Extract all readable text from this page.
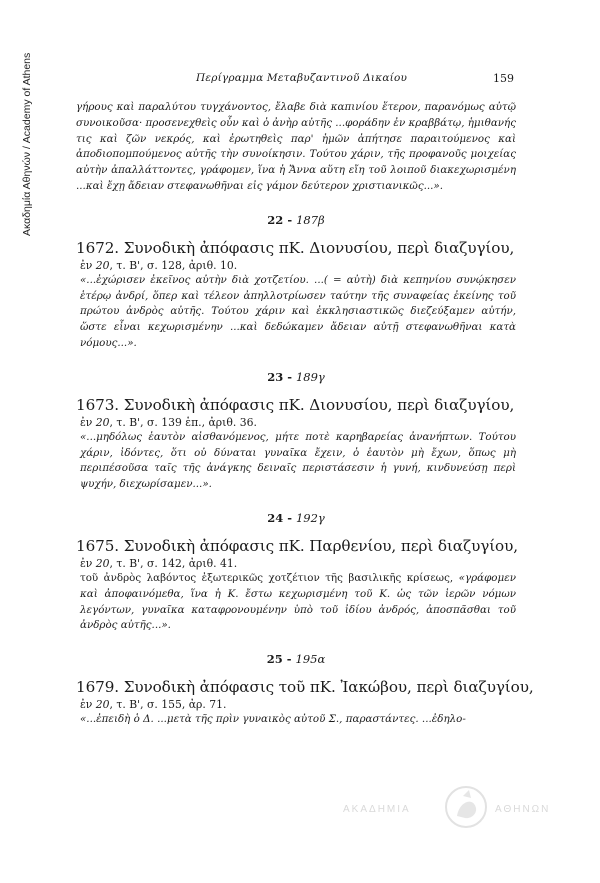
Ακαδημία Αθηνών / Academy of Athens	Περίγραμμα Μεταβυζαντινοῦ Δικαίου	159

γήρους καὶ παραλύτου τυγχάνοντος, ἔλαβε διὰ καπινίου ἕτερον, παρανόμως αὐτῷ συνοικοῦσα· προσενεχθεὶς οὖν καὶ ὁ ἀνὴρ αὐτῆς ...φοράδην ἐν κραββάτῳ, ἡμιθανής τις καὶ ζῶν νεκρός, καὶ ἐρωτηθεὶς παρ' ἡμῶν ἀπήτησε παραιτούμενος καὶ ἀποδιοπομπούμενος αὐτῆς τὴν συνοίκησιν. Τούτου χάριν, τῆς προφανοῦς μοιχείας αὐτὴν ἀπαλλάττοντες, γράφομεν, ἵνα ἡ Ἄννα αὕτη εἴη τοῦ λοιποῦ διακεχωρισμένη ...καὶ ἔχῃ ἄδειαν στεφανωθῆναι εἰς γάμον δεύτερον χριστιανικῶς...».

22 - 187β
1672. Συνοδικὴ ἀπόφασις πΚ. Διονυσίου, περὶ διαζυγίου,
ἐν 20, τ. Β', σ. 128, ἀριθ. 10.

«...ἐχώρισεν ἐκεῖνος αὐτὴν διὰ χοτζετίου. ...( = αὐτὴ) διὰ κεπηνίου συνῴκησεν ἑτέρῳ ἀνδρί, ὅπερ καὶ τέλεον ἀπηλλοτρίωσεν ταύτην τῆς συναφείας ἐκείνης τοῦ πρώτου ἀνδρὸς αὐτῆς. Τούτου χάριν καὶ ἐκκλησιαστικῶς διεζεύξαμεν αὐτήν, ὥστε εἶναι κεχωρισμένην ...καὶ δεδώκαμεν ἄδειαν αὐτῇ στεφανωθῆναι κατὰ νόμους...».

23 - 189γ
1673. Συνοδικὴ ἀπόφασις πΚ. Διονυσίου, περὶ διαζυγίου,
ἐν 20, τ. Β', σ. 139 ἑπ., ἀριθ. 36.

«...μηδόλως ἑαυτὸν αἰσθανόμενος, μήτε ποτὲ καρηβαρείας ἀνανήπτων. Τούτου χάριν, ἰδόντες, ὅτι οὐ δύναται γυναῖκα ἔχειν, ὁ ἑαυτὸν μὴ ἔχων, ὅπως μὴ περιπέσοῦσα ταῖς τῆς ἀνάγκης δειναῖς περιστάσεσιν ἡ γυνή, κινδυνεύσῃ περὶ ψυχήν, διεχωρίσαμεν...».

24 - 192γ
1675. Συνοδικὴ ἀπόφασις πΚ. Παρθενίου, περὶ διαζυγίου,
ἐν 20, τ. Β', σ. 142, ἀριθ. 41.

τοῦ ἀνδρὸς λαβόντος ἐξωτερικῶς χοτζέτιον τῆς βασιλικῆς κρίσεως, «γράφομεν καὶ ἀποφαινόμεθα, ἵνα ἡ Κ. ἔστω κεχωρισμένη τοῦ Κ. ὡς τῶν ἱερῶν νόμων λεγόντων, γυναῖκα καταφρονουμένην ὑπὸ τοῦ ἰδίου ἀνδρός, ἀποσπᾶσθαι τοῦ ἀνδρὸς αὐτῆς...».

25 - 195α
1679. Συνοδικὴ ἀπόφασις τοῦ πΚ. Ἰακώβου, περὶ διαζυγίου,
ἐν 20, τ. Β', σ. 155, ἀρ. 71.

«...ἐπειδὴ ὁ Δ. ...μετὰ τῆς πρὶν γυναικὸς αὐτοῦ Σ., παραστάντες. ...ἐδηλο-

ΑΚΑΔΗΜΙΑ	ΑΘΗΝΩΝ
